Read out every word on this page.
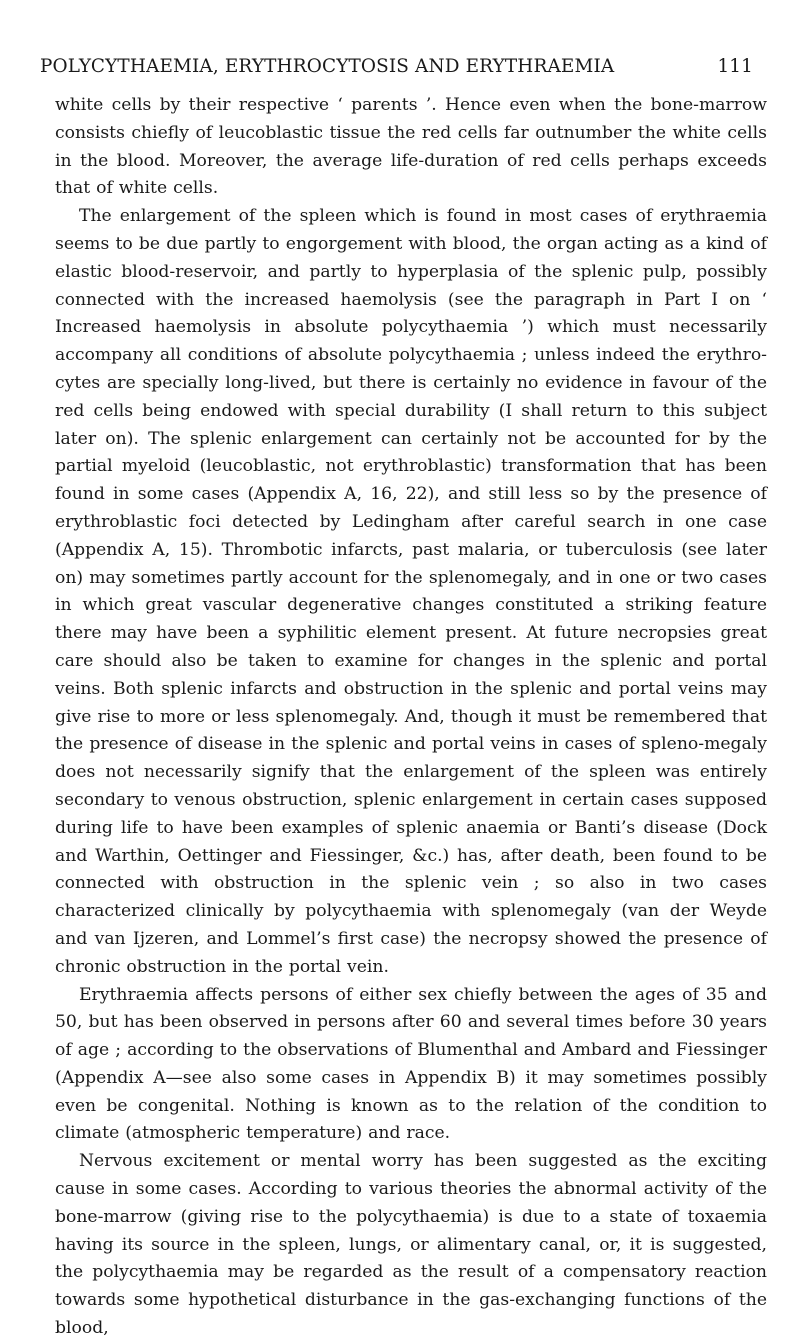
POLYCYTHAEMIA, ERYTHROCYTOSIS AND ERYTHRAEMIA	111

white cells by their respective ‘ parents ’. Hence even when the bone-marrow consists chiefly of leucoblastic tissue the red cells far outnumber the white cells in the blood. Moreover, the average life-duration of red cells perhaps exceeds that of white cells.

The enlargement of the spleen which is found in most cases of erythraemia seems to be due partly to engorgement with blood, the organ acting as a kind of elastic blood-reservoir, and partly to hyperplasia of the splenic pulp, possibly connected with the increased haemolysis (see the paragraph in Part I on ‘ Increased haemolysis in absolute polycythaemia ’) which must necessarily accompany all conditions of absolute polycythaemia ; unless indeed the erythro-cytes are specially long-lived, but there is certainly no evidence in favour of the red cells being endowed with special durability (I shall return to this subject later on). The splenic enlargement can certainly not be accounted for by the partial myeloid (leucoblastic, not erythroblastic) transformation that has been found in some cases (Appendix A, 16, 22), and still less so by the presence of erythroblastic foci detected by Ledingham after careful search in one case (Appendix A, 15). Thrombotic infarcts, past malaria, or tuberculosis (see later on) may sometimes partly account for the splenomegaly, and in one or two cases in which great vascular degenerative changes constituted a striking feature there may have been a syphilitic element present. At future necropsies great care should also be taken to examine for changes in the splenic and portal veins. Both splenic infarcts and obstruction in the splenic and portal veins may give rise to more or less splenomegaly. And, though it must be remembered that the presence of disease in the splenic and portal veins in cases of spleno-megaly does not necessarily signify that the enlargement of the spleen was entirely secondary to venous obstruction, splenic enlargement in certain cases supposed during life to have been examples of splenic anaemia or Banti’s disease (Dock and Warthin, Oettinger and Fiessinger, &c.) has, after death, been found to be connected with obstruction in the splenic vein ; so also in two cases characterized clinically by polycythaemia with splenomegaly (van der Weyde and van Ijzeren, and Lommel’s first case) the necropsy showed the presence of chronic obstruction in the portal vein.

Erythraemia affects persons of either sex chiefly between the ages of 35 and 50, but has been observed in persons after 60 and several times before 30 years of age ; according to the observations of Blumenthal and Ambard and Fiessinger (Appendix A—see also some cases in Appendix B) it may sometimes possibly even be congenital. Nothing is known as to the relation of the condition to climate (atmospheric temperature) and race.

Nervous excitement or mental worry has been suggested as the exciting cause in some cases. According to various theories the abnormal activity of the bone-marrow (giving rise to the polycythaemia) is due to a state of toxaemia having its source in the spleen, lungs, or alimentary canal, or, it is suggested, the polycythaemia may be regarded as the result of a compensatory reaction towards some hypothetical disturbance in the gas-exchanging functions of the blood,
